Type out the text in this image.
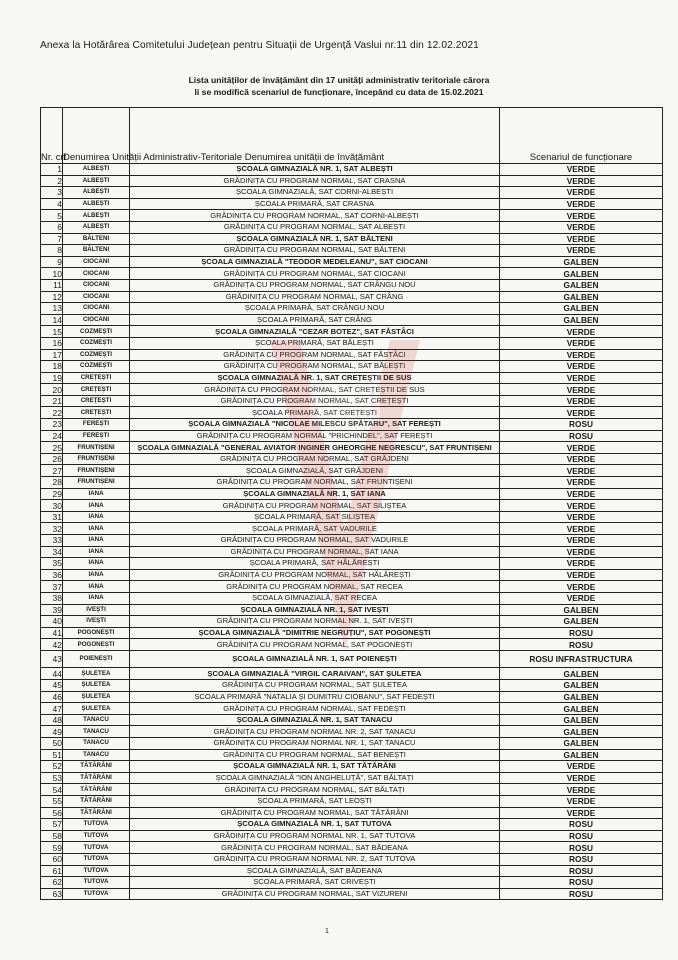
Anexa la Hotărârea Comitetului Județean pentru Situații de Urgență Vaslui nr.11 din 12.02.2021
Lista unităților de învățământ din 17 unități administrativ teritoriale cărora
li se modifică scenariul de funcționare, începând cu data de 15.02.2021
Nr. crt	Denumirea Unității Administrativ-Teritoriale	Denumirea unității de învățământ	Scenariul de funcționare
1	ALBEȘTI	ȘCOALA GIMNAZIALĂ NR. 1, SAT ALBEȘTI	VERDE
2	ALBEȘTI	GRĂDINIȚA CU PROGRAM NORMAL, SAT CRASNA	VERDE
3	ALBEȘTI	ȘCOALA GIMNAZIALĂ, SAT CORNI-ALBEȘTI	VERDE
4	ALBEȘTI	ȘCOALA PRIMARĂ, SAT CRASNA	VERDE
5	ALBEȘTI	GRĂDINIȚA CU PROGRAM NORMAL, SAT CORNI-ALBEȘTI	VERDE
6	ALBEȘTI	GRĂDINIȚA CU PROGRAM NORMAL, SAT ALBEȘTI	VERDE
7	BĂLTENI	ȘCOALA GIMNAZIALĂ NR. 1, SAT BĂLTENI	VERDE
8	BĂLTENI	GRĂDINIȚA CU PROGRAM NORMAL, SAT BĂLTENI	VERDE
9	CIOCANI	ȘCOALA GIMNAZIALĂ "TEODOR MEDELEANU", SAT CIOCANI	GALBEN
10	CIOCANI	GRĂDINIȚA CU PROGRAM NORMAL, SAT CIOCANI	GALBEN
11	CIOCANI	GRĂDINIȚA CU PROGRAM NORMAL, SAT CRÂNGU NOU	GALBEN
12	CIOCANI	GRĂDINIȚA CU PROGRAM NORMAL, SAT CRÂNG	GALBEN
13	CIOCANI	ȘCOALA PRIMARĂ, SAT CRÂNGU NOU	GALBEN
14	CIOCANI	ȘCOALA PRIMARĂ, SAT CRÂNG	GALBEN
15	COZMEȘTI	ȘCOALA GIMNAZIALĂ "CEZAR BOTEZ", SAT FĂSTÂCI	VERDE
16	COZMEȘTI	ȘCOALA PRIMARĂ, SAT BĂLEȘTI	VERDE
17	COZMEȘTI	GRĂDINIȚA CU PROGRAM NORMAL, SAT FĂSTÂCI	VERDE
18	COZMEȘTI	GRĂDINIȚA CU PROGRAM NORMAL, SAT BĂLEȘTI	VERDE
19	CREȚEȘTI	ȘCOALA GIMNAZIALĂ NR. 1, SAT CREȚEȘTII DE SUS	VERDE
20	CREȚEȘTI	GRĂDINIȚA CU PROGRAM NORMAL, SAT CREȚEȘTII DE SUS	VERDE
21	CREȚEȘTI	GRĂDINIȚA CU PROGRAM NORMAL, SAT CREȚEȘTI	VERDE
22	CREȚEȘTI	ȘCOALA PRIMARĂ, SAT CREȚEȘTI	VERDE
23	FEREȘTI	ȘCOALA GIMNAZIALĂ "NICOLAE MILESCU SPĂTARU", SAT FEREȘTI	ROSU
24	FEREȘTI	GRĂDINIȚA CU PROGRAM NORMAL "PRICHINDEL", SAT FEREȘTI	ROSU
25	FRUNTIȘENI	ȘCOALA GIMNAZIALĂ "GENERAL AVIATOR INGINER GHEORGHE NEGRESCU", SAT FRUNTIȘENI	VERDE
26	FRUNTIȘENI	GRĂDINIȚA CU PROGRAM NORMAL, SAT GRĂJDENI	VERDE
27	FRUNTIȘENI	ȘCOALA GIMNAZIALĂ, SAT GRĂJDENI	VERDE
28	FRUNTIȘENI	GRĂDINIȚA CU PROGRAM NORMAL, SAT FRUNTIȘENI	VERDE
29	IANA	ȘCOALA GIMNAZIALĂ NR. 1, SAT IANA	VERDE
30	IANA	GRĂDINIȚA CU PROGRAM NORMAL, SAT SILIȘTEA	VERDE
31	IANA	ȘCOALA PRIMARĂ, SAT SILIȘTEA	VERDE
32	IANA	ȘCOALA PRIMARĂ, SAT VADURILE	VERDE
33	IANA	GRĂDINIȚA CU PROGRAM NORMAL, SAT VADURILE	VERDE
34	IANA	GRĂDINIȚA CU PROGRAM NORMAL, SAT IANA	VERDE
35	IANA	ȘCOALA PRIMARĂ, SAT HĂLĂREȘTI	VERDE
36	IANA	GRĂDINIȚA CU PROGRAM NORMAL, SAT HĂLĂREȘTI	VERDE
37	IANA	GRĂDINIȚA CU PROGRAM NORMAL, SAT RECEA	VERDE
38	IANA	ȘCOALA GIMNAZIALĂ, SAT RECEA	VERDE
39	IVEȘTI	ȘCOALA GIMNAZIALĂ NR. 1, SAT IVEȘTI	GALBEN
40	IVEȘTI	GRĂDINIȚA CU PROGRAM NORMAL NR. 1, SAT IVEȘTI	GALBEN
41	POGONEȘTI	ȘCOALA GIMNAZIALĂ "DIMITRIE NEGRUȚIU", SAT POGONEȘTI	ROSU
42	POGONEȘTI	GRĂDINIȚA CU PROGRAM NORMAL, SAT POGONEȘTI	ROSU
43	POIENEȘTI	ȘCOALA GIMNAZIALĂ NR. 1, SAT POIENEȘTI	ROSU INFRASTRUCTURA
44	ȘULETEA	ȘCOALA GIMNAZIALĂ "VIRGIL CARAIVAN", SAT ȘULETEA	GALBEN
45	ȘULETEA	GRĂDINIȚA CU PROGRAM NORMAL, SAT ȘULETEA	GALBEN
46	ȘULETEA	ȘCOALA PRIMARĂ "NATALIA ȘI DUMITRU CIOBANU", SAT FEDEȘTI	GALBEN
47	ȘULETEA	GRĂDINIȚA CU PROGRAM NORMAL, SAT FEDEȘTI	GALBEN
48	TANACU	ȘCOALA GIMNAZIALĂ NR. 1, SAT TANACU	GALBEN
49	TANACU	GRĂDINIȚA CU PROGRAM NORMAL NR. 2, SAT TANACU	GALBEN
50	TANACU	GRĂDINIȚA CU PROGRAM NORMAL NR. 1, SAT TANACU	GALBEN
51	TANACU	GRĂDINIȚA CU PROGRAM NORMAL, SAT BENEȘTI	GALBEN
52	TĂTĂRĂNI	ȘCOALA GIMNAZIALĂ NR. 1, SAT TĂTĂRĂNI	VERDE
53	TĂTĂRĂNI	ȘCOALA GIMNAZIALĂ "ION ANGHELUȚĂ", SAT BĂLTAȚI	VERDE
54	TĂTĂRĂNI	GRĂDINIȚA CU PROGRAM NORMAL, SAT BĂLTAȚI	VERDE
55	TĂTĂRĂNI	ȘCOALA PRIMARĂ, SAT LEOȘTI	VERDE
56	TĂTĂRĂNI	GRĂDINIȚA CU PROGRAM NORMAL, SAT TĂTĂRĂNI	VERDE
57	TUTOVA	ȘCOALA GIMNAZIALĂ NR. 1, SAT TUTOVA	ROSU
58	TUTOVA	GRĂDINIȚA CU PROGRAM NORMAL NR. 1, SAT TUTOVA	ROSU
59	TUTOVA	GRĂDINIȚA CU PROGRAM NORMAL, SAT BĂDEANA	ROSU
60	TUTOVA	GRĂDINIȚA CU PROGRAM NORMAL NR. 2, SAT TUTOVA	ROSU
61	TUTOVA	ȘCOALA GIMNAZIALĂ, SAT BĂDEANA	ROSU
62	TUTOVA	ȘCOALA PRIMARĂ, SAT CRIVEȘTI	ROSU
63	TUTOVA	GRĂDINIȚA CU PROGRAM NORMAL, SAT VIZURENI	ROSU
1
